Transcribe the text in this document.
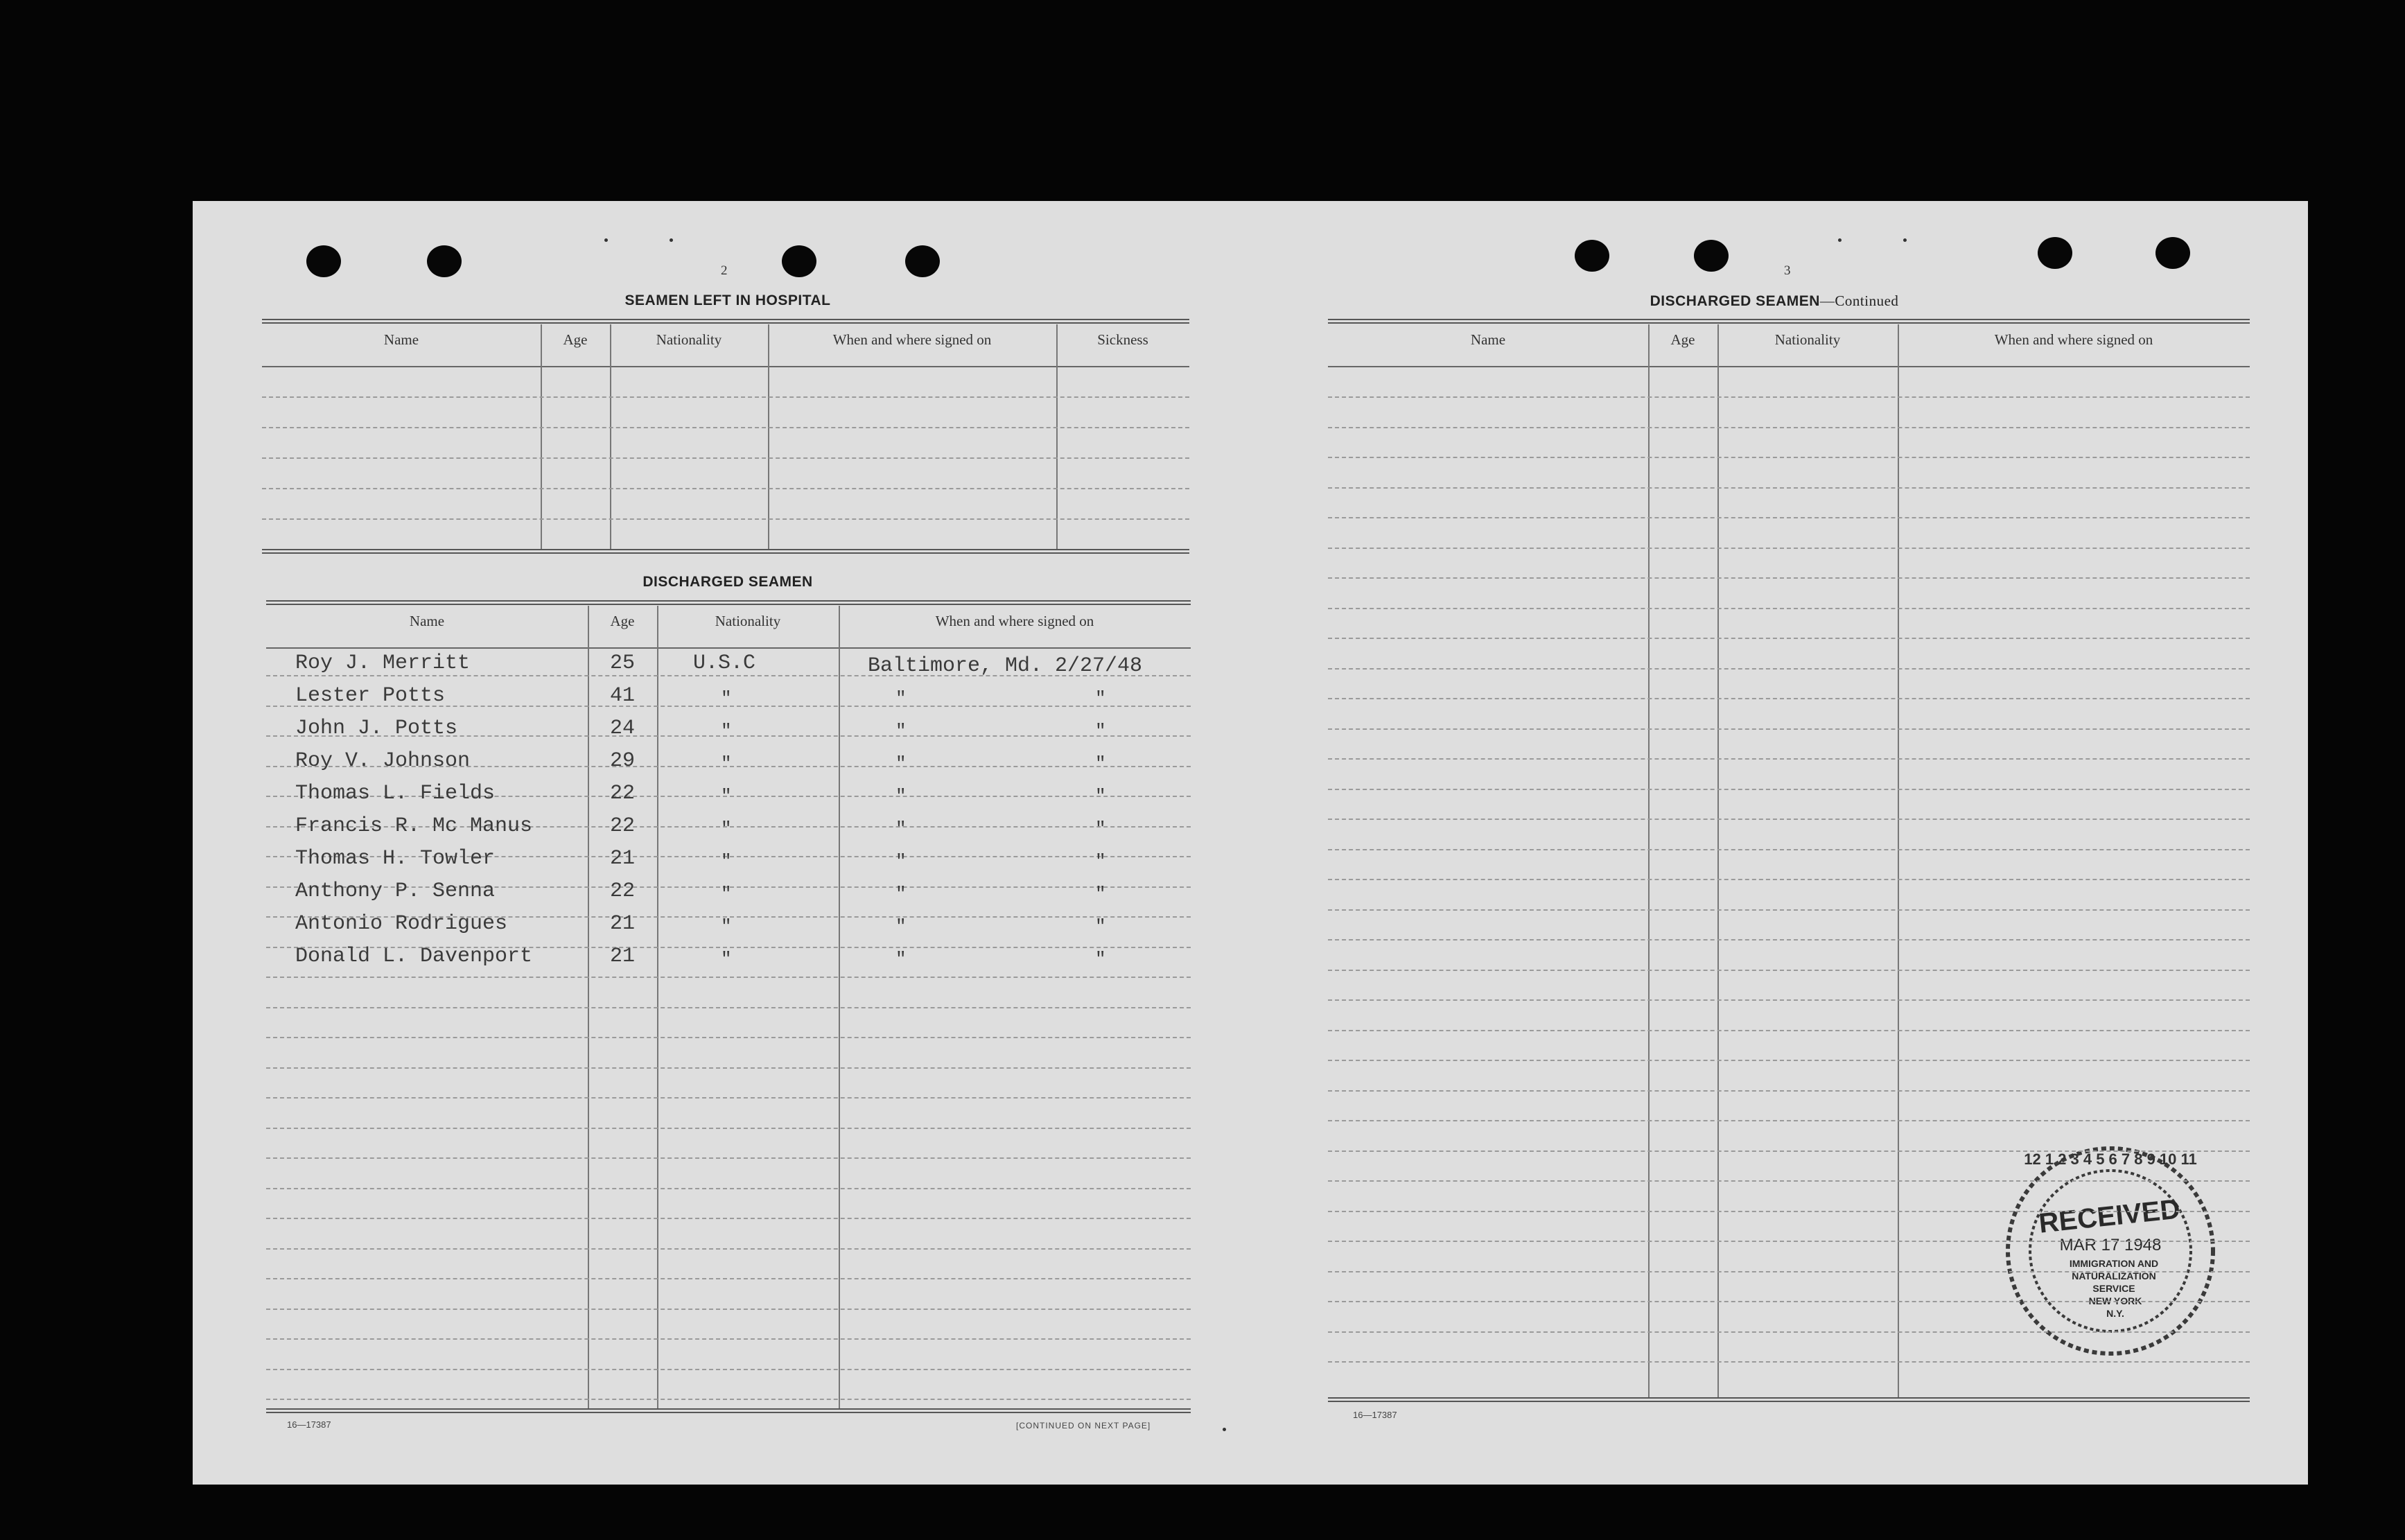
2
SEAMEN LEFT IN HOSPITAL
DISCHARGED SEAMEN
16—17387	[CONTINUED ON NEXT PAGE]
3
DISCHARGED SEAMEN—Continued
16—17387
12 1 2 3 4 5 6 7 8 9 10 11
RECEIVED
MAR 17 1948
IMMIGRATION AND
NATURALIZATION
SERVICE
NEW YORK
N.Y.
Name	Age	Nationality	When and where signed on	Sickness
Name	Age	Nationality	When and where signed on
Name	Age	Nationality	When and where signed on
Roy J. Merritt	25	U.S.C	Baltimore, Md. 2/27/48
Lester Potts	41	"	"	"
John J. Potts	24	"	"	"
Roy V. Johnson	29	"	"	"
Thomas L. Fields	22	"	"	"
Francis R. Mc Manus	22	"	"	"
Thomas H. Towler	21	"	"	"
Anthony P. Senna	22	"	"	"
Antonio Rodrigues	21	"	"	"
Donald L. Davenport	21	"	"	"
